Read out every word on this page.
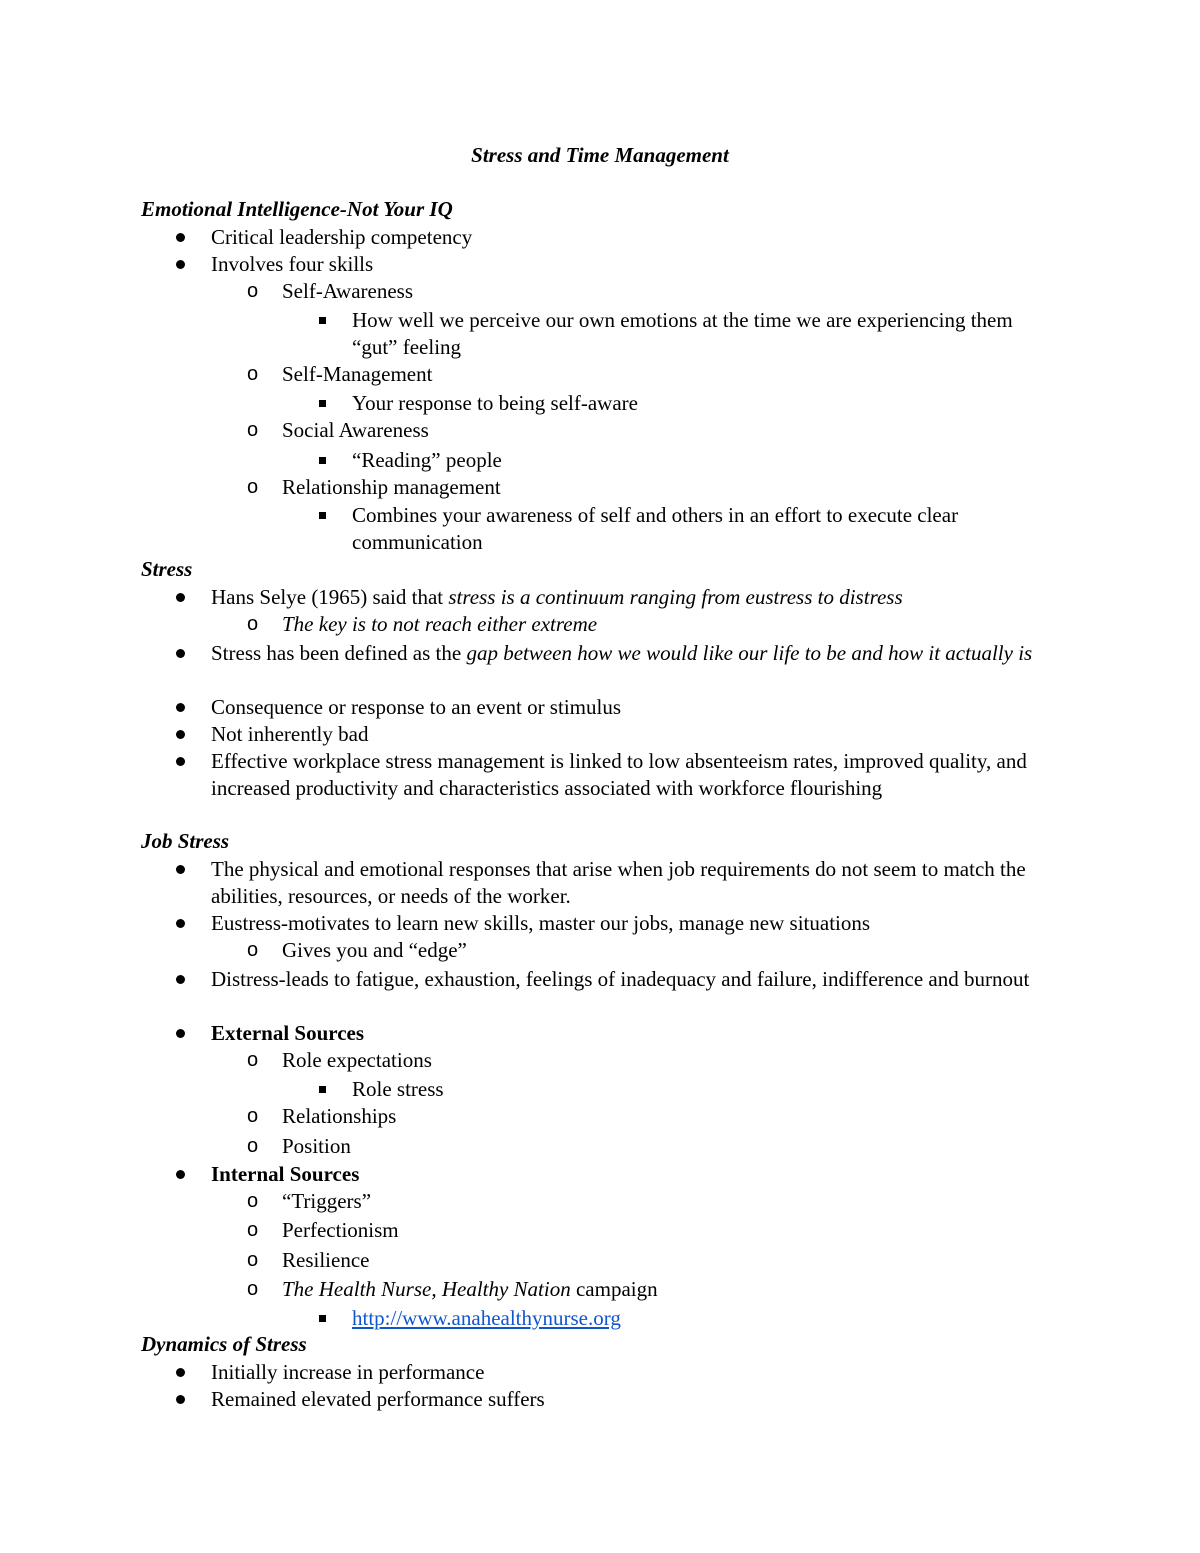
Stress and Time Management
Emotional Intelligence-Not Your IQ
Critical leadership competency
Involves four skills
o Self-Awareness
How well we perceive our own emotions at the time we are experiencing them “gut” feeling
o Self-Management
Your response to being self-aware
o Social Awareness
“Reading” people
o Relationship management
Combines your awareness of self and others in an effort to execute clear communication
Stress
Hans Selye (1965) said that stress is a continuum ranging from eustress to distress
o The key is to not reach either extreme
Stress has been defined as the gap between how we would like our life to be and how it actually is
Consequence or response to an event or stimulus
Not inherently bad
Effective workplace stress management is linked to low absenteeism rates, improved quality, and increased productivity and characteristics associated with workforce flourishing
Job Stress
The physical and emotional responses that arise when job requirements do not seem to match the abilities, resources, or needs of the worker.
Eustress-motivates to learn new skills, master our jobs, manage new situations
o Gives you and “edge”
Distress-leads to fatigue, exhaustion, feelings of inadequacy and failure, indifference and burnout
External Sources
o Role expectations
Role stress
o Relationships
o Position
Internal Sources
o “Triggers”
o Perfectionism
o Resilience
o The Health Nurse, Healthy Nation campaign
http://www.anahealthynurse.org
Dynamics of Stress
Initially increase in performance
Remained elevated performance suffers
